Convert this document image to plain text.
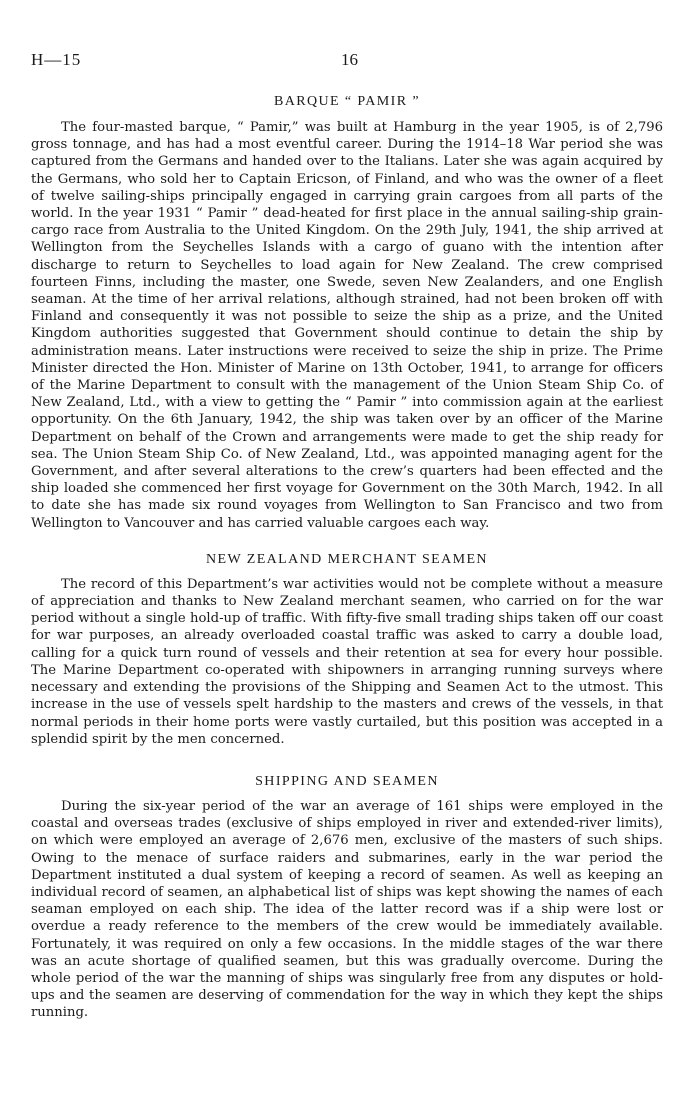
H—15	16
BARQUE “ PAMIR ”

The four-masted barque, “ Pamir,” was built at Hamburg in the year 1905, is of 2,796 gross tonnage, and has had a most eventful career. During the 1914–18 War period she was captured from the Germans and handed over to the Italians. Later she was again acquired by the Germans, who sold her to Captain Ericson, of Finland, and who was the owner of a fleet of twelve sailing-ships principally engaged in carrying grain cargoes from all parts of the world. In the year 1931 “ Pamir ” dead-heated for first place in the annual sailing-ship grain-cargo race from Australia to the United Kingdom. On the 29th July, 1941, the ship arrived at Wellington from the Seychelles Islands with a cargo of guano with the intention after discharge to return to Seychelles to load again for New Zealand. The crew comprised fourteen Finns, including the master, one Swede, seven New Zealanders, and one English seaman. At the time of her arrival relations, although strained, had not been broken off with Finland and consequently it was not possible to seize the ship as a prize, and the United Kingdom authorities suggested that Government should continue to detain the ship by administration means. Later instructions were received to seize the ship in prize. The Prime Minister directed the Hon. Minister of Marine on 13th October, 1941, to arrange for officers of the Marine Department to consult with the management of the Union Steam Ship Co. of New Zealand, Ltd., with a view to getting the “ Pamir ” into commission again at the earliest opportunity. On the 6th January, 1942, the ship was taken over by an officer of the Marine Department on behalf of the Crown and arrangements were made to get the ship ready for sea. The Union Steam Ship Co. of New Zealand, Ltd., was appointed managing agent for the Government, and after several alterations to the crew’s quarters had been effected and the ship loaded she commenced her first voyage for Government on the 30th March, 1942. In all to date she has made six round voyages from Wellington to San Francisco and two from Wellington to Vancouver and has carried valuable cargoes each way.

NEW ZEALAND MERCHANT SEAMEN

The record of this Department’s war activities would not be complete without a measure of appreciation and thanks to New Zealand merchant seamen, who carried on for the war period without a single hold-up of traffic. With fifty-five small trading ships taken off our coast for war purposes, an already overloaded coastal traffic was asked to carry a double load, calling for a quick turn round of vessels and their retention at sea for every hour possible. The Marine Department co-operated with shipowners in arranging running surveys where necessary and extending the provisions of the Shipping and Seamen Act to the utmost. This increase in the use of vessels spelt hardship to the masters and crews of the vessels, in that normal periods in their home ports were vastly curtailed, but this position was accepted in a splendid spirit by the men concerned.

SHIPPING AND SEAMEN

During the six-year period of the war an average of 161 ships were employed in the coastal and overseas trades (exclusive of ships employed in river and extended-river limits), on which were employed an average of 2,676 men, exclusive of the masters of such ships. Owing to the menace of surface raiders and submarines, early in the war period the Department instituted a dual system of keeping a record of seamen. As well as keeping an individual record of seamen, an alphabetical list of ships was kept showing the names of each seaman employed on each ship. The idea of the latter record was if a ship were lost or overdue a ready reference to the members of the crew would be immediately available. Fortunately, it was required on only a few occasions. In the middle stages of the war there was an acute shortage of qualified seamen, but this was gradually overcome. During the whole period of the war the manning of ships was singularly free from any disputes or hold-ups and the seamen are deserving of commendation for the way in which they kept the ships running.
